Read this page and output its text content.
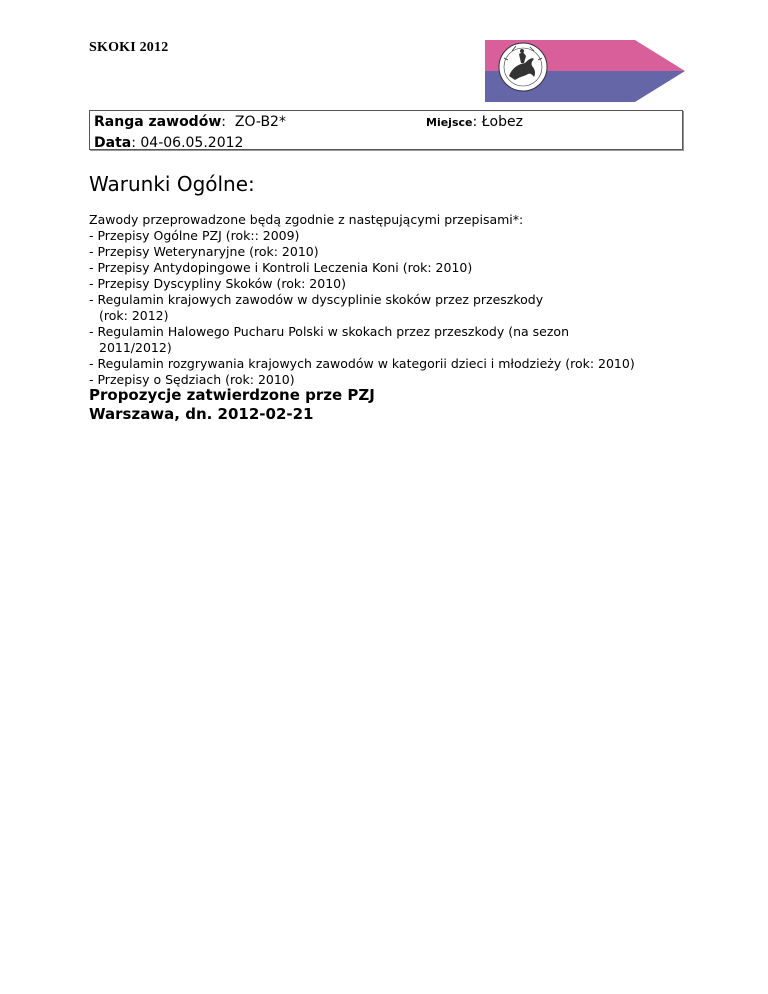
SKOKI 2012
Ranga zawodów:  ZO-B2*
Data: 04-06.05.2012
Miejsce: Łobez
Warunki Ogólne:
Zawody przeprowadzone będą zgodnie z następującymi przepisami*:
- Przepisy Ogólne PZJ (rok:: 2009)
- Przepisy Weterynaryjne (rok: 2010)
- Przepisy Antydopingowe i Kontroli Leczenia Koni (rok: 2010)
- Przepisy Dyscypliny Skoków (rok: 2010)
- Regulamin krajowych zawodów w dyscyplinie skoków przez przeszkody
(rok: 2012)
- Regulamin Halowego Pucharu Polski w skokach przez przeszkody (na sezon
2011/2012)
- Regulamin rozgrywania krajowych zawodów w kategorii dzieci i młodzieży (rok: 2010)
- Przepisy o Sędziach (rok: 2010)
Propozycje zatwierdzone prze PZJ
Warszawa, dn. 2012-02-21
